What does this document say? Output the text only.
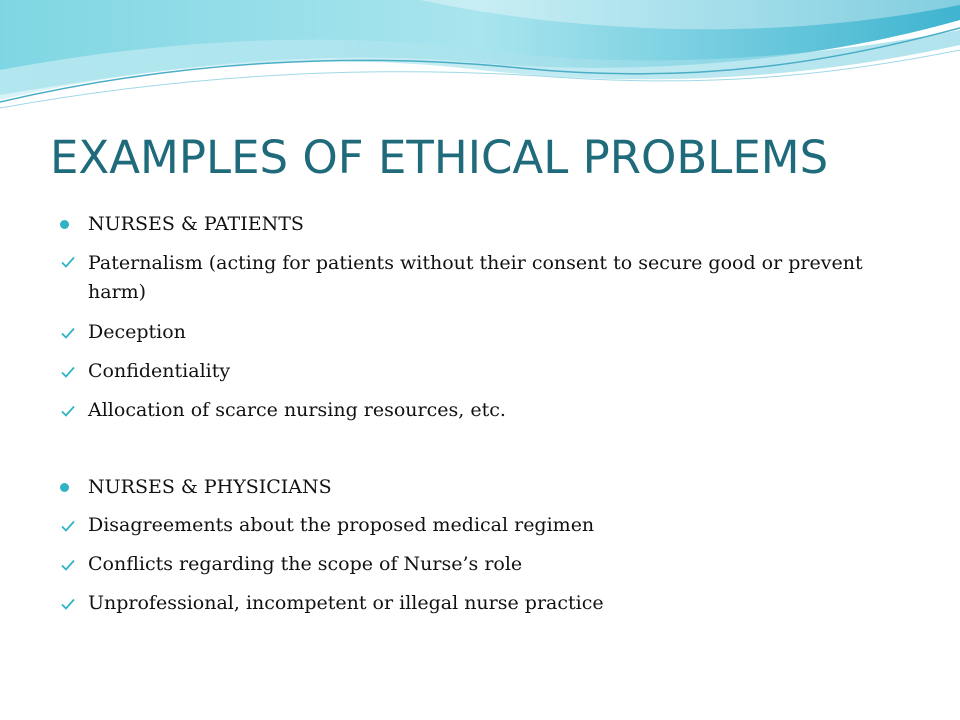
EXAMPLES OF ETHICAL PROBLEMS
NURSES & PATIENTS
Paternalism (acting for patients without their consent to secure good or prevent harm)
Deception
Confidentiality
Allocation of scarce nursing resources, etc.
NURSES & PHYSICIANS
Disagreements about the proposed medical regimen
Conflicts regarding the scope of Nurse’s role
Unprofessional, incompetent or illegal nurse practice
